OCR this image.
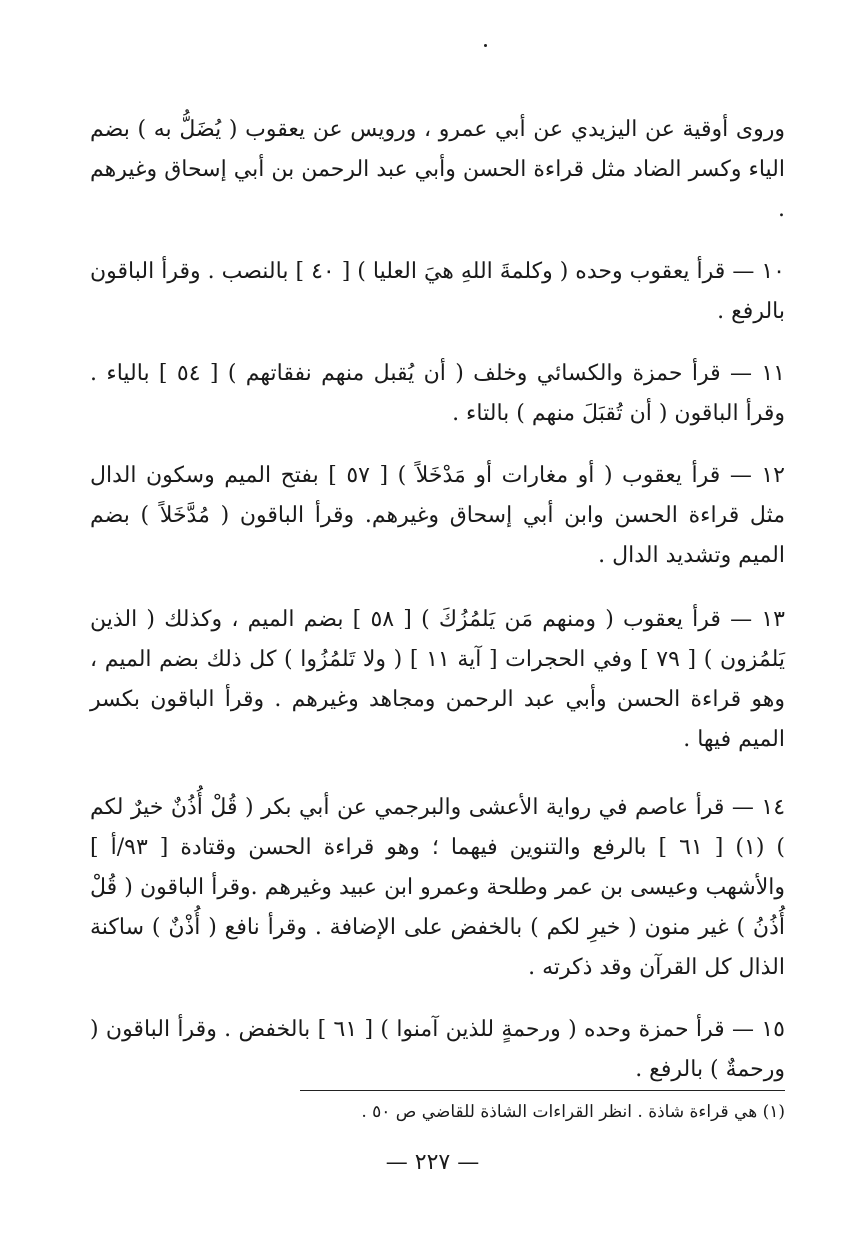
وروى أوقية عن اليزيدي عن أبي عمرو ، ورويس عن يعقوب ( يُضَلُّ به ) بضم الياء وكسر الضاد مثل قراءة الحسن وأبي عبد الرحمن بن أبي إسحاق وغيرهم .

١٠ — قرأ يعقوب وحده ( وكلمةَ اللهِ هيَ العليا ) [ ٤٠ ] بالنصب . وقرأ الباقون بالرفع .

١١ — قرأ حمزة والكسائي وخلف ( أن يُقبل منهم نفقاتهم ) [ ٥٤ ] بالياء . وقرأ الباقون ( أن تُقبَلَ منهم ) بالتاء .

١٢ — قرأ يعقوب ( أو مغارات أو مَدْخَلاً ) [ ٥٧ ] بفتح الميم وسكون الدال مثل قراءة الحسن وابن أبي إسحاق وغيرهم. وقرأ الباقون ( مُدَّخَلاً ) بضم الميم وتشديد الدال .

١٣ — قرأ يعقوب ( ومنهم مَن يَلمُزُكَ ) [ ٥٨ ] بضم الميم ، وكذلك ( الذين يَلمُزون ) [ ٧٩ ] وفي الحجرات [ آية ١١ ] ( ولا تَلمُزُوا ) كل ذلك بضم الميم ، وهو قراءة الحسن وأبي عبد الرحمن ومجاهد وغيرهم . وقرأ الباقون بكسر الميم فيها .

١٤ — قرأ عاصم في رواية الأعشى والبرجمي عن أبي بكر ( قُلْ أُذُنٌ خيرٌ لكم ) (١) [ ٦١ ] بالرفع والتنوين فيهما ؛ وهو قراءة الحسن وقتادة [ ٩٣/أ ] والأشهب وعيسى بن عمر وطلحة وعمرو ابن عبيد وغيرهم .وقرأ الباقون ( قُلْ أُذُنُ ) غير منون ( خيرِ لكم ) بالخفض على الإضافة . وقرأ نافع ( أُذْنٌ ) ساكنة الذال كل القرآن وقد ذكرته .

١٥ — قرأ حمزة وحده ( ورحمةٍ للذين آمنوا ) [ ٦١ ] بالخفض . وقرأ الباقون ( ورحمةٌ ) بالرفع .

(١) هي قراءة شاذة . انظر القراءات الشاذة للقاضي ص ٥٠ .

— ٢٢٧ —
